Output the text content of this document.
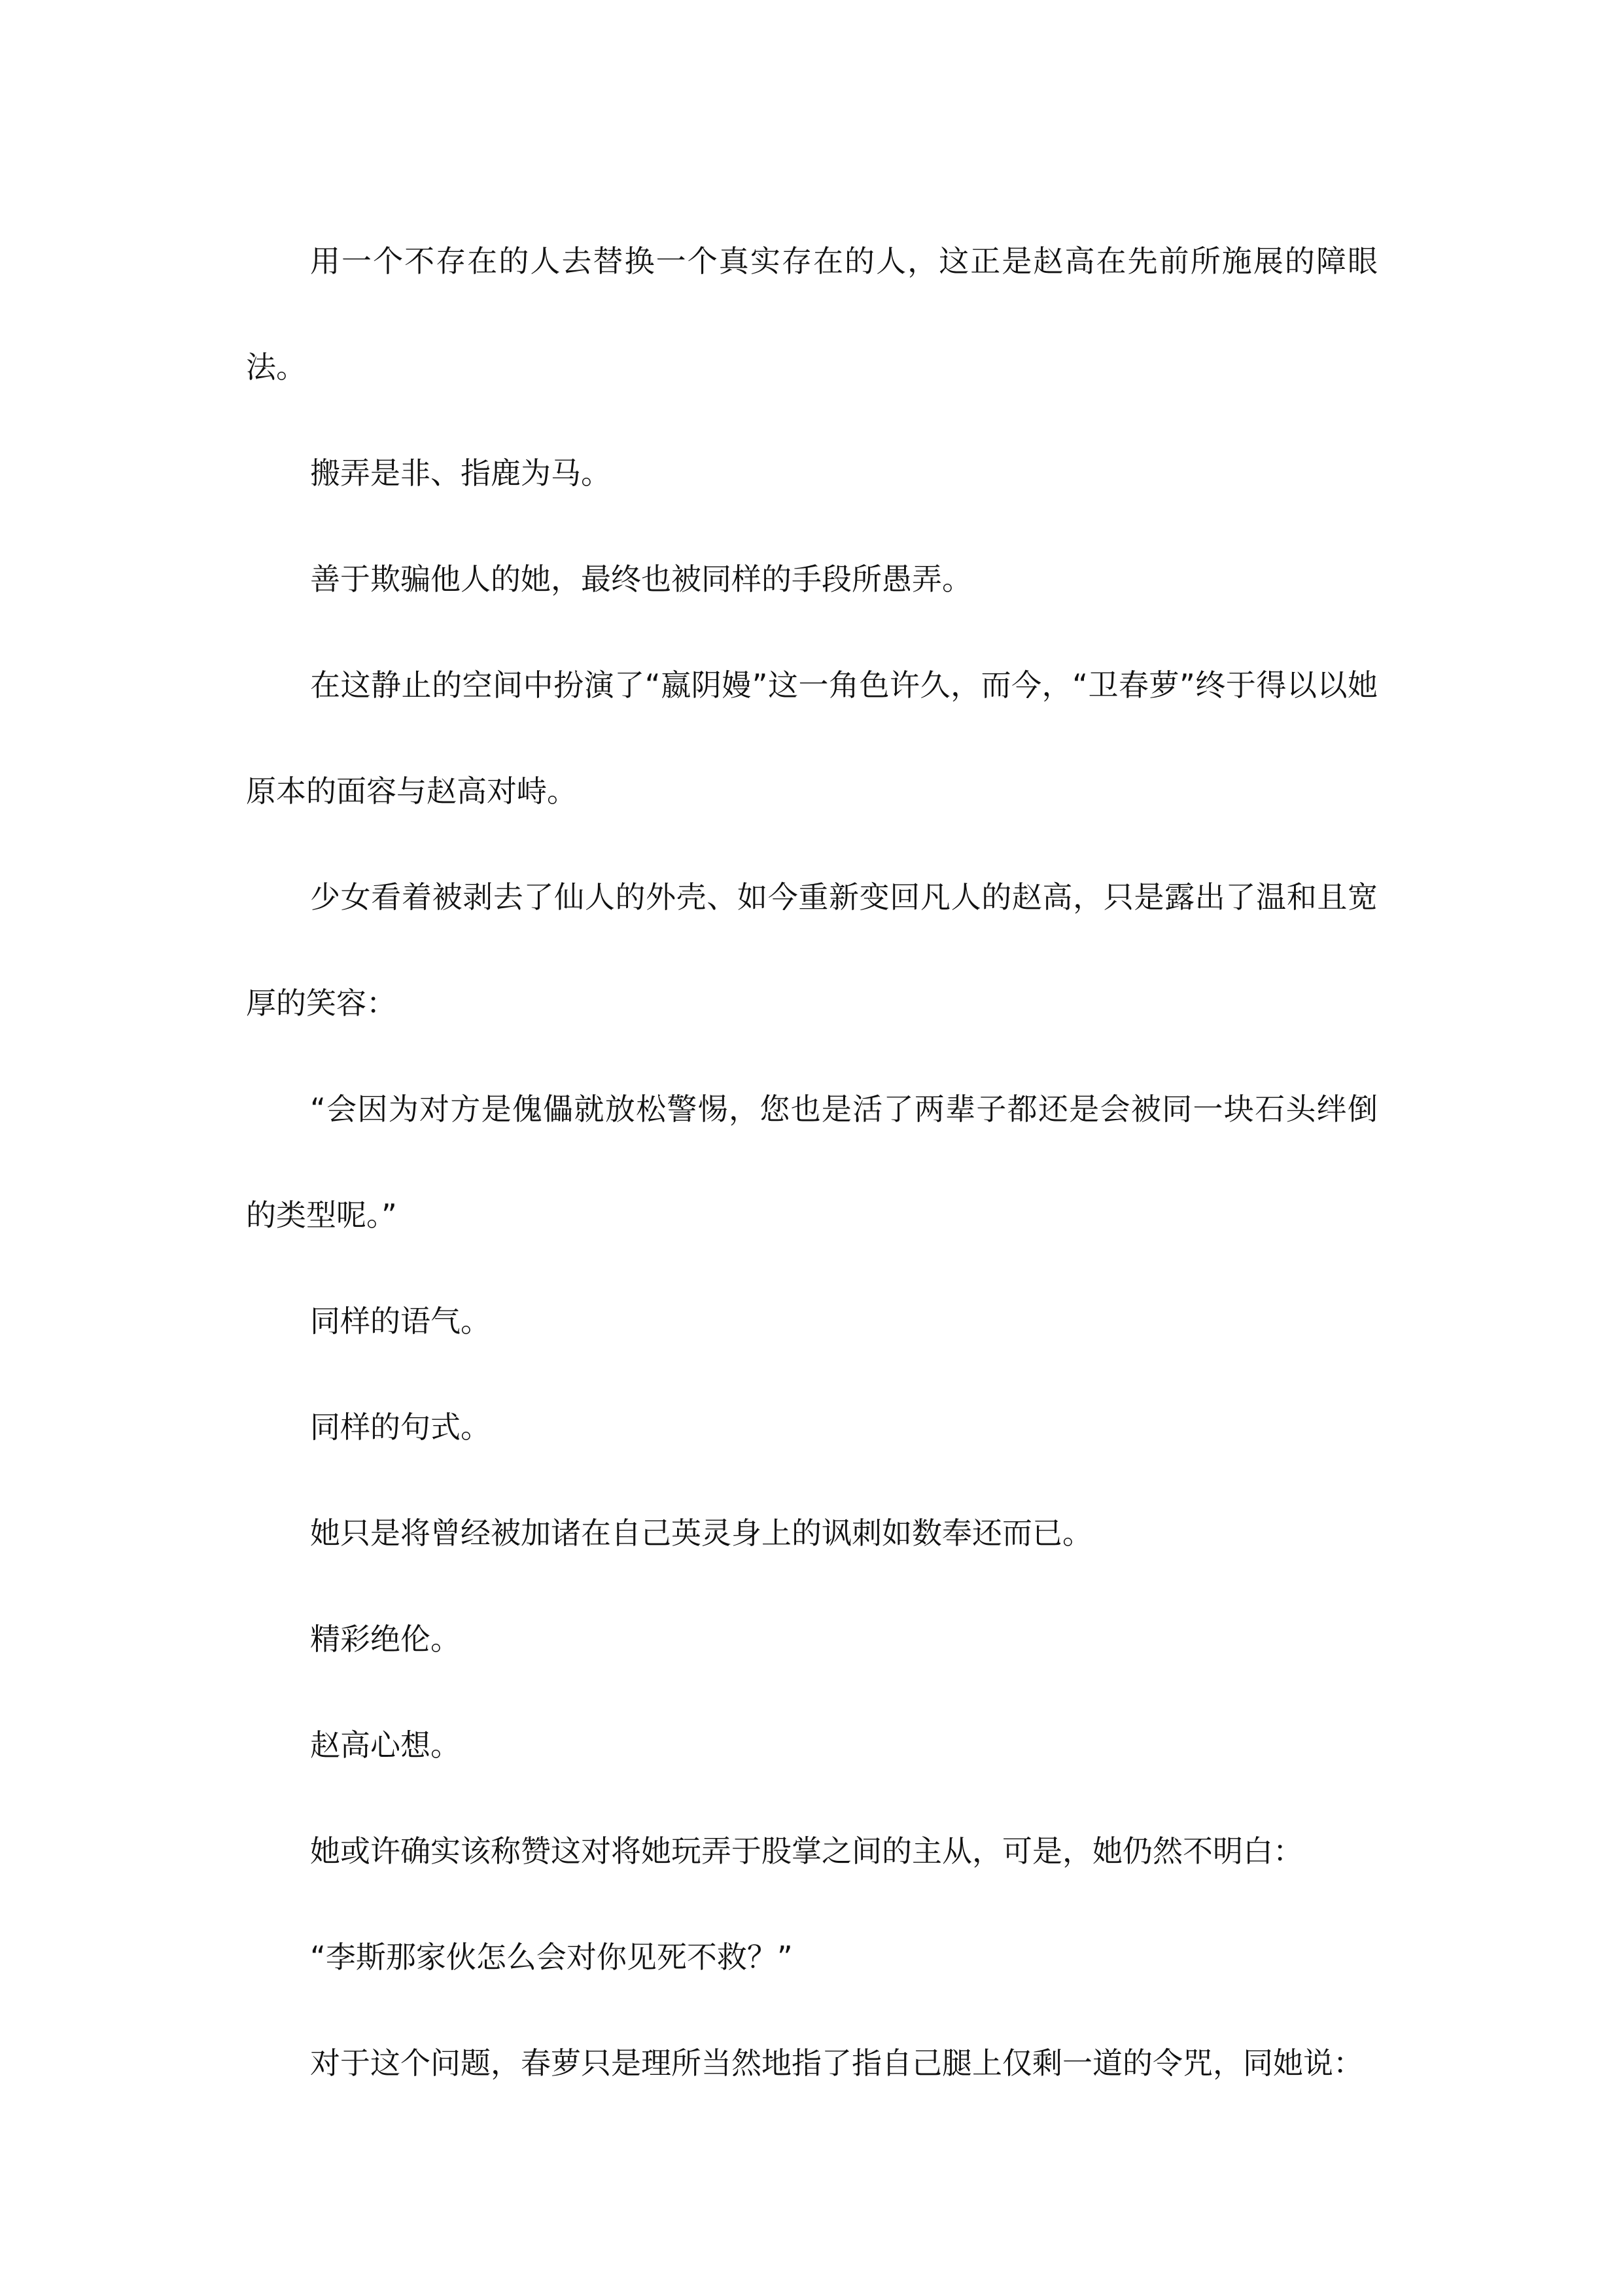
用一个不存在的人去替换一个真实存在的人，这正是赵高在先前所施展的障眼法。

搬弄是非、指鹿为马。

善于欺骗他人的她，最终也被同样的手段所愚弄。

在这静止的空间中扮演了“嬴阴嫚”这一角色许久，而今，“卫春萝”终于得以以她原本的面容与赵高对峙。

少女看着被剥去了仙人的外壳、如今重新变回凡人的赵高，只是露出了温和且宽厚的笑容：

“会因为对方是傀儡就放松警惕，您也是活了两辈子都还是会被同一块石头绊倒的类型呢。”

同样的语气。

同样的句式。

她只是将曾经被加诸在自己英灵身上的讽刺如数奉还而已。

精彩绝伦。

赵高心想。

她或许确实该称赞这对将她玩弄于股掌之间的主从，可是，她仍然不明白：

“李斯那家伙怎么会对你见死不救？”

对于这个问题，春萝只是理所当然地指了指自己腿上仅剩一道的令咒，同她说：
